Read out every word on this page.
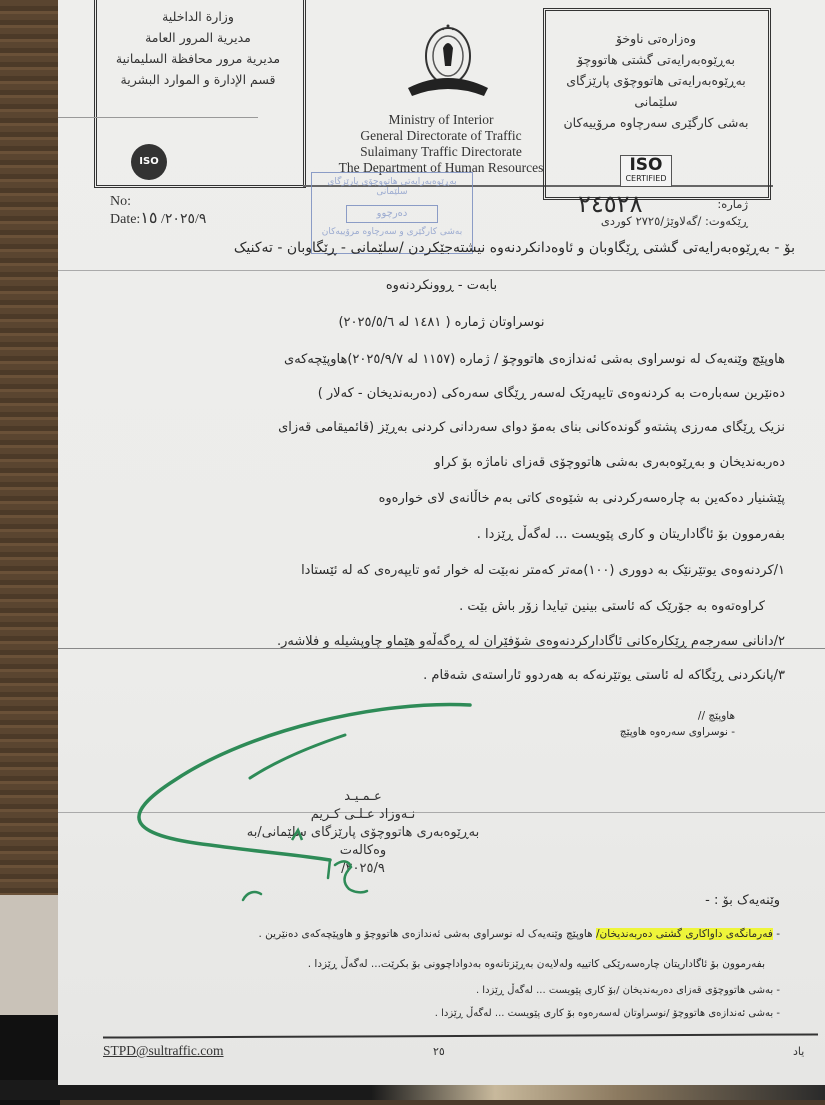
وزارة الداخلية
مديرية المرور العامة
مديرية مرور محافظة السليمانية
قسم الإدارة و الموارد البشرية
ISO
Ministry of Interior
General Directorate of Traffic
Sulaimany Traffic Directorate
The Department of Human Resources
وەزارەتی ناوخۆ
بەڕێوەبەرایەتی گشتی هاتووچۆ
بەڕێوەبەرایەتی هاتووچۆی پارێزگای سلێمانی
بەشی کارگێری سەرچاوە مرۆییەکان
ISO
CERTIFIED
بەڕێوەبەرایەتی هاتووچۆی پارێزگای سلێمانی
دەرچوو
بەشی کارگێری و سەرچاوە مرۆییەکان
No:
Date: ٢٠٢٥/٩/ ١٥
٢٤٥٢٨	ژمارە:
ڕێکەوت: /گەلاوێژ/٢٧٢٥ کوردی
بۆ - بەڕێوەبەرایەتی گشتی ڕێگاوبان و ئاوەدانکردنەوە نیشتەجێکردن /سلێمانی - ڕێگاوبان - تەکنیک
بابەت - ڕوونکردنەوە
نوسراوتان ژمارە ( ١٤٨١ لە ٢٠٢٥/٥/٦)
هاوپێچ وێنەیەک لە نوسراوی بەشی ئەندازەی هاتووچۆ / ژمارە (١١٥٧ لە ٢٠٢٥/٩/٧)هاوپێچەکەی
دەنێرین سەبارەت بە کردنەوەی تایپەرێک لەسەر ڕێگای سەرەکی (دەربەندیخان - کەلار )
نزیک ڕێگای مەرزی پشتەو گوندەکانی بنای بەمۆ دوای سەردانی کردنی بەڕێز (قائمیقامی قەزای
دەربەندیخان و بەڕێوەبەری بەشی هاتووچۆی قەزای ناماژە بۆ کراو
پێشنیار دەکەین بە چارەسەرکردنی بە شێوەی کاتی بەم خاڵانەی لای خوارەوە
بفەرموون بۆ ئاگاداریتان و کاری پێویست ... لەگەڵ ڕێزدا .
١/کردنەوەی یوتێرنێک بە دووری (١٠٠)مەتر کەمتر نەبێت لە خوار ئەو تایپەرەی کە لە ئێستادا
کراوەتەوە بە جۆرێک کە ئاستی بینین تیایدا زۆر باش بێت .
٢/دانانی سەرجەم ڕێکارەکانی ئاگادارکردنەوەی شۆفێران لە ڕەگەڵەو هێماو چاوپشیلە و فلاشەر.
٣/پانکردنی ڕێگاکە لە ئاستی یوتێرنەکە بە هەردوو ئاراستەی شەقام .
هاوپێچ //
- نوسراوی سەرەوە هاوپێچ
عـمـيـد
نـەوزاد عـلـی کـریم
بەڕێوەبەری هاتووچۆی پارێزگای سلێمانی/بە وەکالەت
٢٠٢٥/٩/
وێنەیەک بۆ : -
- فەرمانگەی داواکاری گشتی دەربەندیخان/ هاوپێچ وێنەیەک لە نوسراوی بەشی ئەندازەی هاتووچۆ و هاوپێچەکەی دەنێرین .
بفەرموون بۆ ئاگاداریتان چارەسەرێکی کاتییە ولەلایەن بەڕێزتانەوە بەدواداچوونی بۆ بکرێت... لەگەڵ ڕێزدا .
- بەشی هاتووچۆی قەزای دەربەندیخان /بۆ کاری پێویست ... لەگەڵ ڕێزدا .
- بەشی ئەندازەی هاتووچۆ /نوسراوتان لەسەرەوە بۆ کاری پێویست ... لەگەڵ ڕێزدا .
STPD@sultraffic.com	٢٥	یاد
